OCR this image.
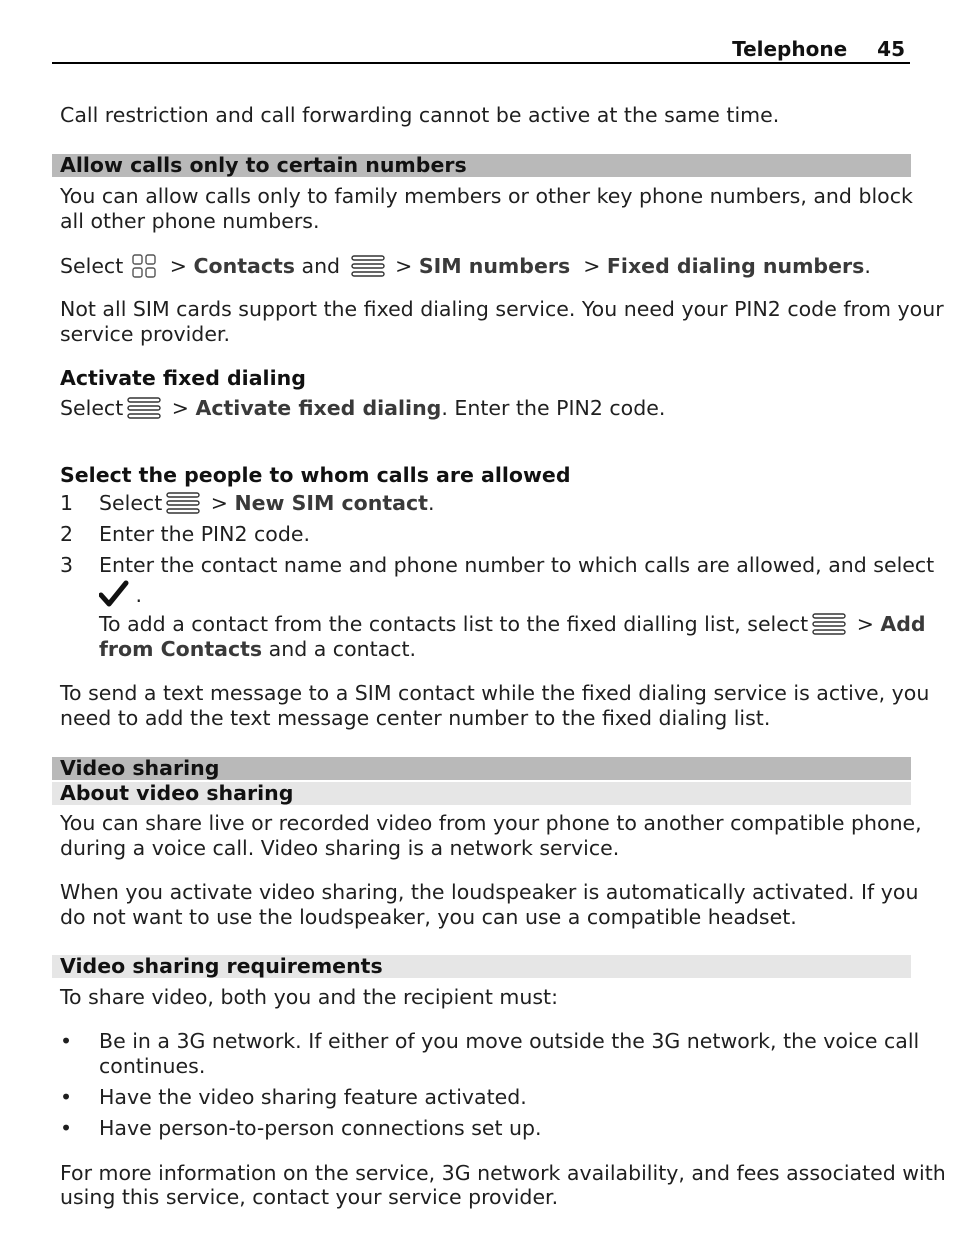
Telephone 45
Call restriction and call forwarding cannot be active at the same time.
Allow calls only to certain numbers
You can allow calls only to family members or other key phone numbers, and block
all other phone numbers.
Select > Contacts and  > SIM numbers  > Fixed dialing numbers.
Not all SIM cards support the fixed dialing service. You need your PIN2 code from your
service provider.
Activate fixed dialing
Select > Activate fixed dialing. Enter the PIN2 code.
Select the people to whom calls are allowed
1 Select > New SIM contact.
2 Enter the PIN2 code.
3 Enter the contact name and phone number to which calls are allowed, and select
.
To add a contact from the contacts list to the fixed dialling list, select > Add
from Contacts and a contact.
To send a text message to a SIM contact while the fixed dialing service is active, you
need to add the text message center number to the fixed dialing list.
Video sharing
About video sharing
You can share live or recorded video from your phone to another compatible phone,
during a voice call. Video sharing is a network service.
When you activate video sharing, the loudspeaker is automatically activated. If you
do not want to use the loudspeaker, you can use a compatible headset.
Video sharing requirements
To share video, both you and the recipient must:
• Be in a 3G network. If either of you move outside the 3G network, the voice call
continues.
• Have the video sharing feature activated.
• Have person-to-person connections set up.
For more information on the service, 3G network availability, and fees associated with
using this service, contact your service provider.
